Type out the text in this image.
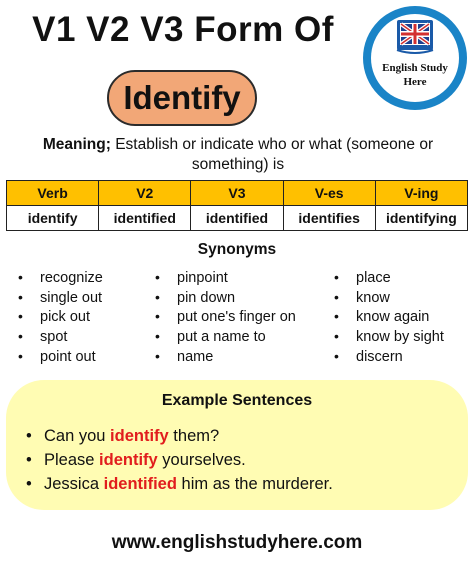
V1 V2 V3 Form Of
Identify
English Study
Here
Meaning; Establish or indicate who or what (someone or something) is
Verb	V2	V3	V-es	V-ing
identify	identified	identified	identifies	identifying
Synonyms
• recognize
• single out
• pick out
• spot
• point out
• pinpoint
• pin down
• put one's finger on
• put a name to
• name
• place
• know
• know again
• know by sight
• discern
Example Sentences
• Can you identify them?
• Please identify yourselves.
• Jessica identified him as the murderer.
www.englishstudyhere.com
